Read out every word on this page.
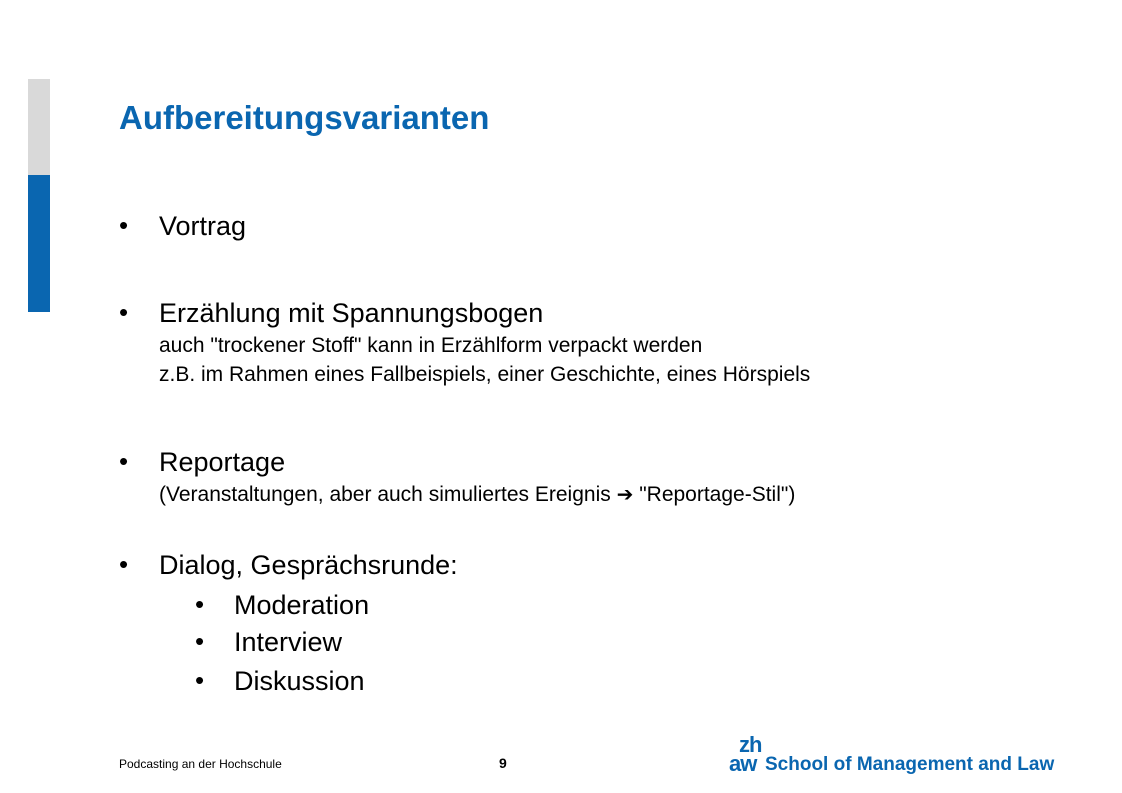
Aufbereitungsvarianten
• Vortrag
• Erzählung mit Spannungsbogen
auch "trockener Stoff" kann in Erzählform verpackt werden
z.B. im Rahmen eines Fallbeispiels, einer Geschichte, eines Hörspiels
• Reportage
(Veranstaltungen, aber auch simuliertes Ereignis ➔ "Reportage-Stil")
• Dialog, Gesprächsrunde:
• Moderation
• Interview
• Diskussion
Podcasting an der Hochschule	9
zh
aw School of Management and Law
